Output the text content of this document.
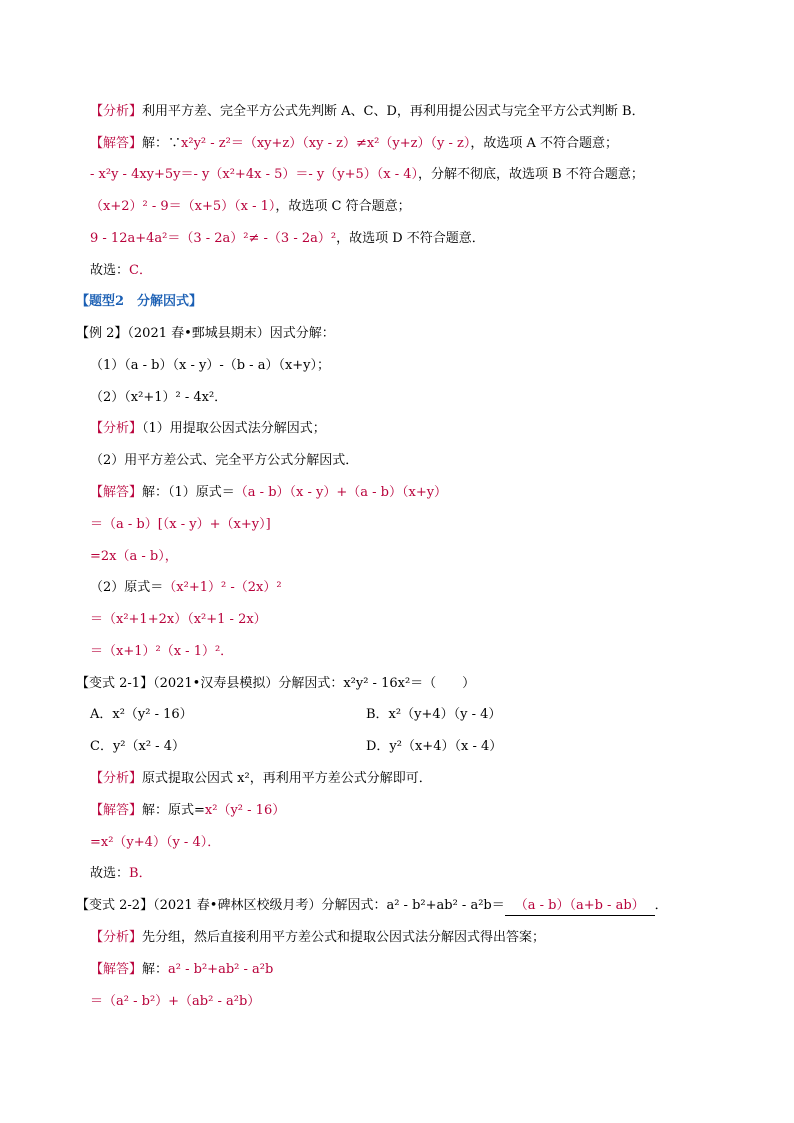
【分析】利用平方差、完全平方公式先判断 A、C、D，再利用提公因式与完全平方公式判断 B．
【解答】解：∵x²y² - z²＝（xy+z）（xy - z）≠x²（y+z）（y - z），故选项 A 不符合题意；
- x²y - 4xy+5y＝- y（x²+4x - 5）＝- y（y+5）（x - 4），分解不彻底，故选项 B 不符合题意；
（x+2）² - 9＝（x+5）（x - 1），故选项 C 符合题意；
9 - 12a+4a²＝（3 - 2a）²≠ -（3 - 2a）²，故选项 D 不符合题意．
故选：C．
【题型2　分解因式】
【例 2】（2021 春•鄄城县期末）因式分解：
（1）（a - b）（x - y）-（b - a）（x+y）；
（2）（x²+1）² - 4x²．
【分析】（1）用提取公因式法分解因式；
（2）用平方差公式、完全平方公式分解因式．
【解答】解：（1）原式＝（a - b）（x - y）+（a - b）（x+y）
＝（a - b）[（x - y）+（x+y）]
=2x（a - b），
（2）原式＝（x²+1）² -（2x）²
＝（x²+1+2x）（x²+1 - 2x）
＝（x+1）²（x - 1）²．
【变式 2-1】（2021•汉寿县模拟）分解因式：x²y² - 16x²＝（　　）
A．x²（y² - 16）	B．x²（y+4）（y - 4）
C．y²（x² - 4）	D．y²（x+4）（x - 4）
【分析】原式提取公因式 x²，再利用平方差公式分解即可．
【解答】解：原式=x²（y² - 16）
=x²（y+4）（y - 4）．
故选：B．
【变式 2-2】（2021 春•碑林区校级月考）分解因式：a² - b²+ab² - a²b＝ （a - b）（a+b - ab） ．
【分析】先分组，然后直接利用平方差公式和提取公因式法分解因式得出答案；
【解答】解：a² - b²+ab² - a²b
＝（a² - b²）+（ab² - a²b）
